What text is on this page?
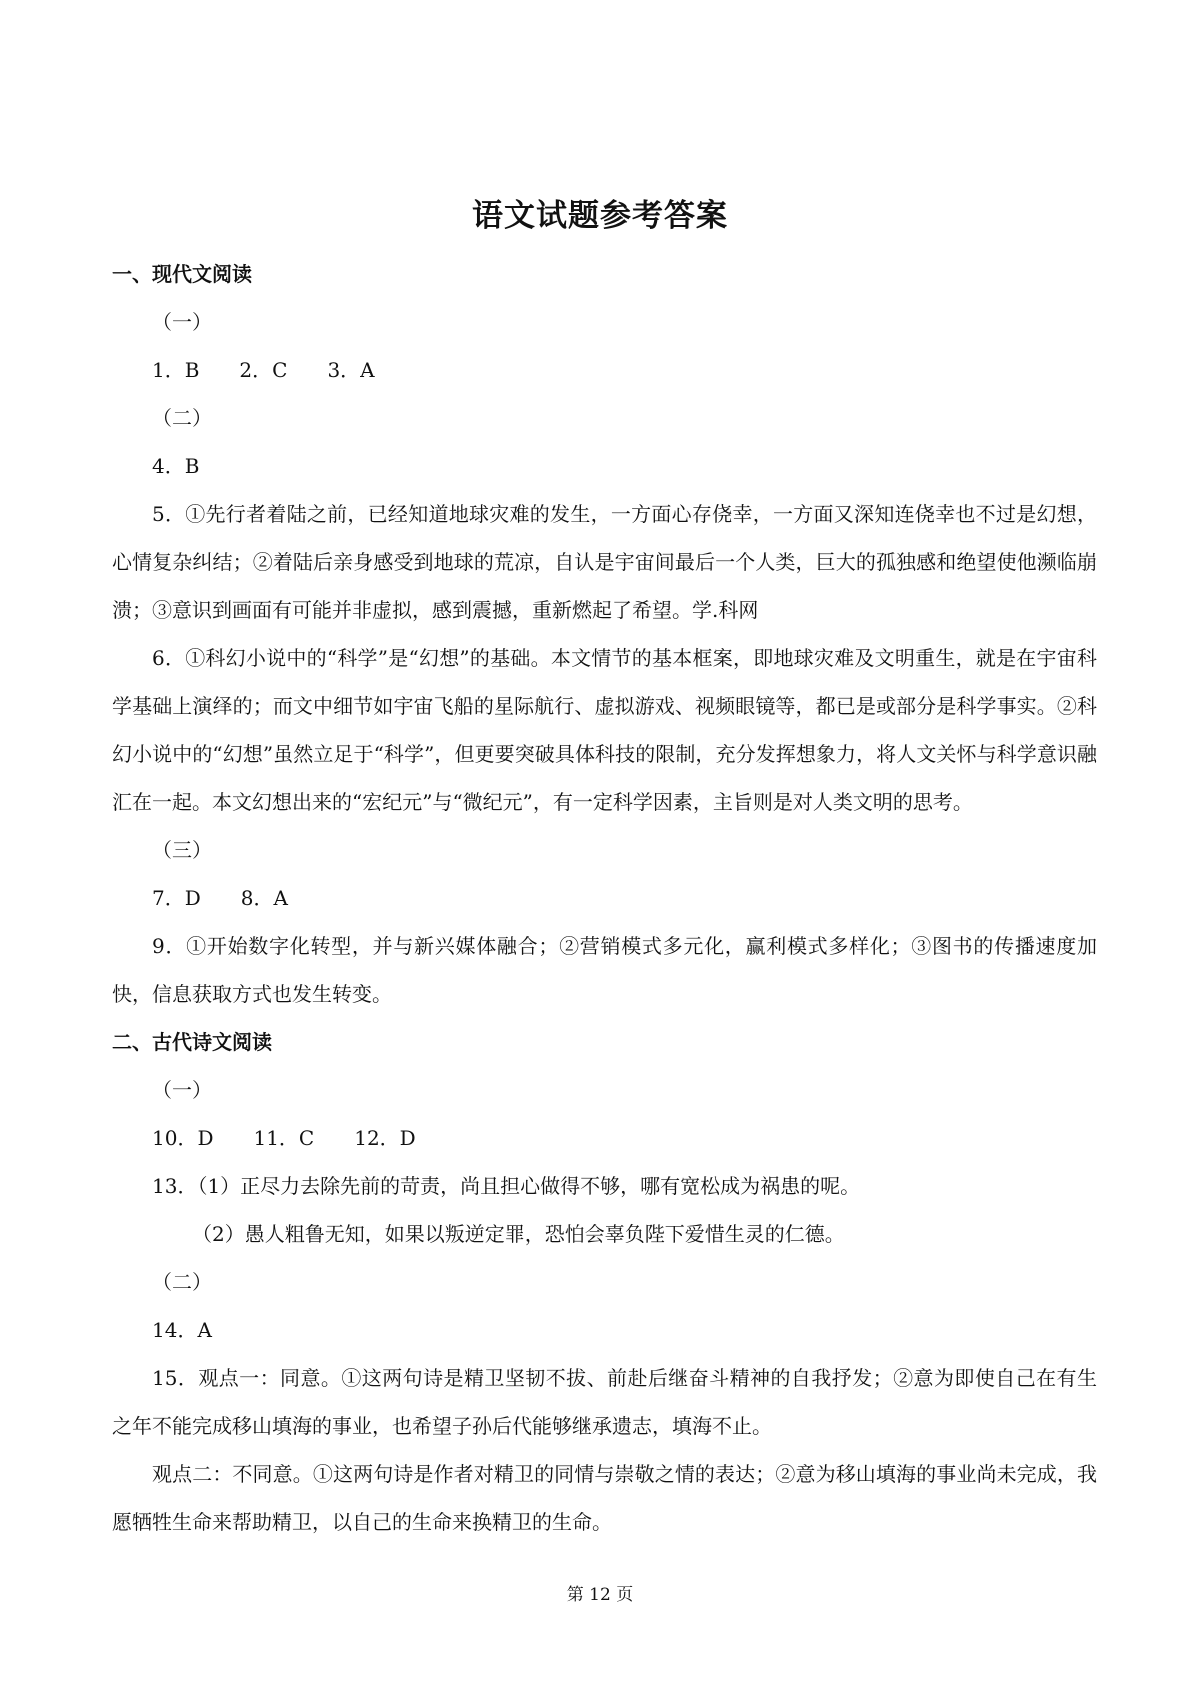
语文试题参考答案

一、现代文阅读

（一）

1．B　　2．C　　3．A

（二）

4．B

5．①先行者着陆之前，已经知道地球灾难的发生，一方面心存侥幸，一方面又深知连侥幸也不过是幻想，心情复杂纠结；②着陆后亲身感受到地球的荒凉，自认是宇宙间最后一个人类，巨大的孤独感和绝望使他濒临崩溃；③意识到画面有可能并非虚拟，感到震撼，重新燃起了希望。学.科网

6．①科幻小说中的“科学”是“幻想”的基础。本文情节的基本框案，即地球灾难及文明重生，就是在宇宙科学基础上演绎的；而文中细节如宇宙飞船的星际航行、虚拟游戏、视频眼镜等，都已是或部分是科学事实。②科幻小说中的“幻想”虽然立足于“科学”，但更要突破具体科技的限制，充分发挥想象力，将人文关怀与科学意识融汇在一起。本文幻想出来的“宏纪元”与“微纪元”，有一定科学因素，主旨则是对人类文明的思考。

（三）

7．D　　8．A

9．①开始数字化转型，并与新兴媒体融合；②营销模式多元化，赢利模式多样化；③图书的传播速度加快，信息获取方式也发生转变。

二、古代诗文阅读

（一）

10．D　　11．C　　12．D

13．（1）正尽力去除先前的苛责，尚且担心做得不够，哪有宽松成为祸患的呢。

（2）愚人粗鲁无知，如果以叛逆定罪，恐怕会辜负陛下爱惜生灵的仁德。

（二）

14．A

15．观点一：同意。①这两句诗是精卫坚韧不拔、前赴后继奋斗精神的自我抒发；②意为即使自己在有生之年不能完成移山填海的事业，也希望子孙后代能够继承遗志，填海不止。

观点二：不同意。①这两句诗是作者对精卫的同情与崇敬之情的表达；②意为移山填海的事业尚未完成，我愿牺牲生命来帮助精卫，以自己的生命来换精卫的生命。

第 12 页
